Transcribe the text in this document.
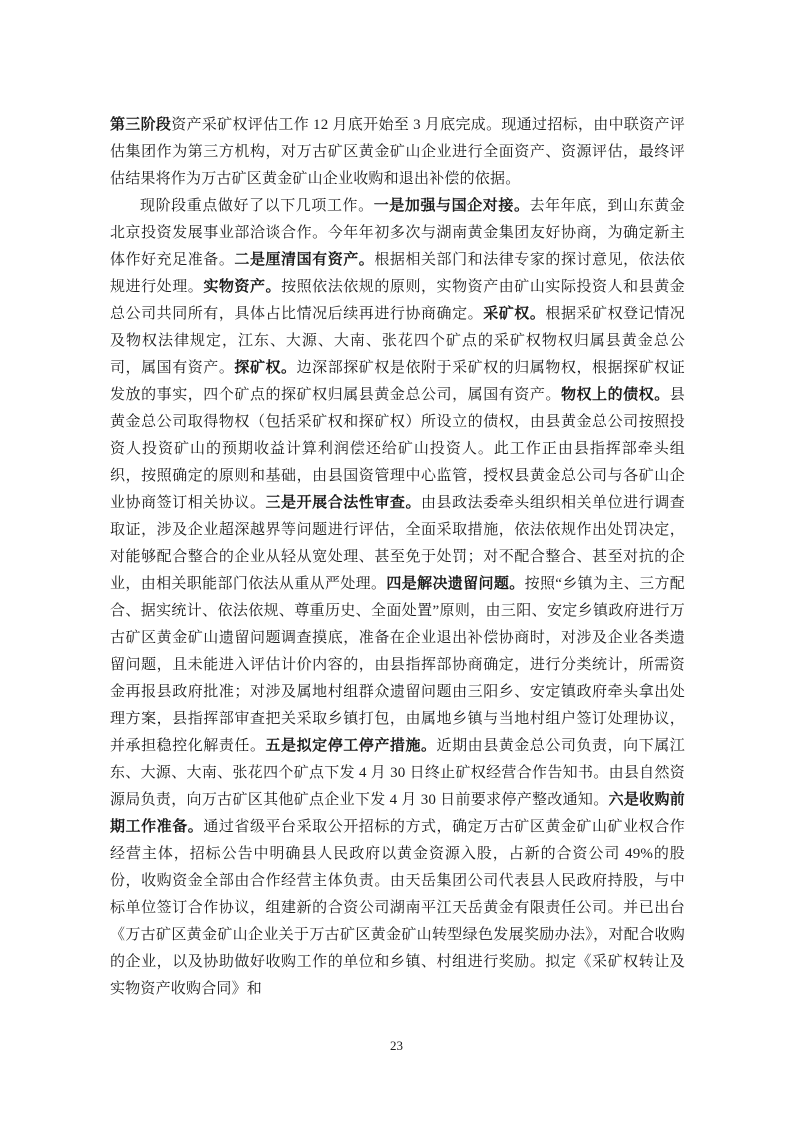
第三阶段资产采矿权评估工作 12 月底开始至 3 月底完成。现通过招标，由中联资产评估集团作为第三方机构，对万古矿区黄金矿山企业进行全面资产、资源评估，最终评估结果将作为万古矿区黄金矿山企业收购和退出补偿的依据。

现阶段重点做好了以下几项工作。一是加强与国企对接。去年年底，到山东黄金北京投资发展事业部洽谈合作。今年年初多次与湖南黄金集团友好协商，为确定新主体作好充足准备。二是厘清国有资产。根据相关部门和法律专家的探讨意见，依法依规进行处理。实物资产。按照依法依规的原则，实物资产由矿山实际投资人和县黄金总公司共同所有，具体占比情况后续再进行协商确定。采矿权。根据采矿权登记情况及物权法律规定，江东、大源、大南、张花四个矿点的采矿权物权归属县黄金总公司，属国有资产。探矿权。边深部探矿权是依附于采矿权的归属物权，根据探矿权证发放的事实，四个矿点的探矿权归属县黄金总公司，属国有资产。物权上的债权。县黄金总公司取得物权（包括采矿权和探矿权）所设立的债权，由县黄金总公司按照投资人投资矿山的预期收益计算利润偿还给矿山投资人。此工作正由县指挥部牵头组织，按照确定的原则和基础，由县国资管理中心监管，授权县黄金总公司与各矿山企业协商签订相关协议。三是开展合法性审查。由县政法委牵头组织相关单位进行调查取证，涉及企业超深越界等问题进行评估，全面采取措施，依法依规作出处罚决定，对能够配合整合的企业从轻从宽处理、甚至免于处罚；对不配合整合、甚至对抗的企业，由相关职能部门依法从重从严处理。四是解决遗留问题。按照“乡镇为主、三方配合、据实统计、依法依规、尊重历史、全面处置”原则，由三阳、安定乡镇政府进行万古矿区黄金矿山遗留问题调查摸底，准备在企业退出补偿协商时，对涉及企业各类遗留问题，且未能进入评估计价内容的，由县指挥部协商确定，进行分类统计，所需资金再报县政府批准；对涉及属地村组群众遗留问题由三阳乡、安定镇政府牵头拿出处理方案，县指挥部审查把关采取乡镇打包，由属地乡镇与当地村组户签订处理协议，并承担稳控化解责任。五是拟定停工停产措施。近期由县黄金总公司负责，向下属江东、大源、大南、张花四个矿点下发 4 月 30 日终止矿权经营合作告知书。由县自然资源局负责，向万古矿区其他矿点企业下发 4 月 30 日前要求停产整改通知。六是收购前期工作准备。通过省级平台采取公开招标的方式，确定万古矿区黄金矿山矿业权合作经营主体，招标公告中明确县人民政府以黄金资源入股，占新的合资公司 49%的股份，收购资金全部由合作经营主体负责。由天岳集团公司代表县人民政府持股，与中标单位签订合作协议，组建新的合资公司湖南平江天岳黄金有限责任公司。并已出台《万古矿区黄金矿山企业关于万古矿区黄金矿山转型绿色发展奖励办法》，对配合收购的企业，以及协助做好收购工作的单位和乡镇、村组进行奖励。拟定《采矿权转让及实物资产收购合同》和

23
